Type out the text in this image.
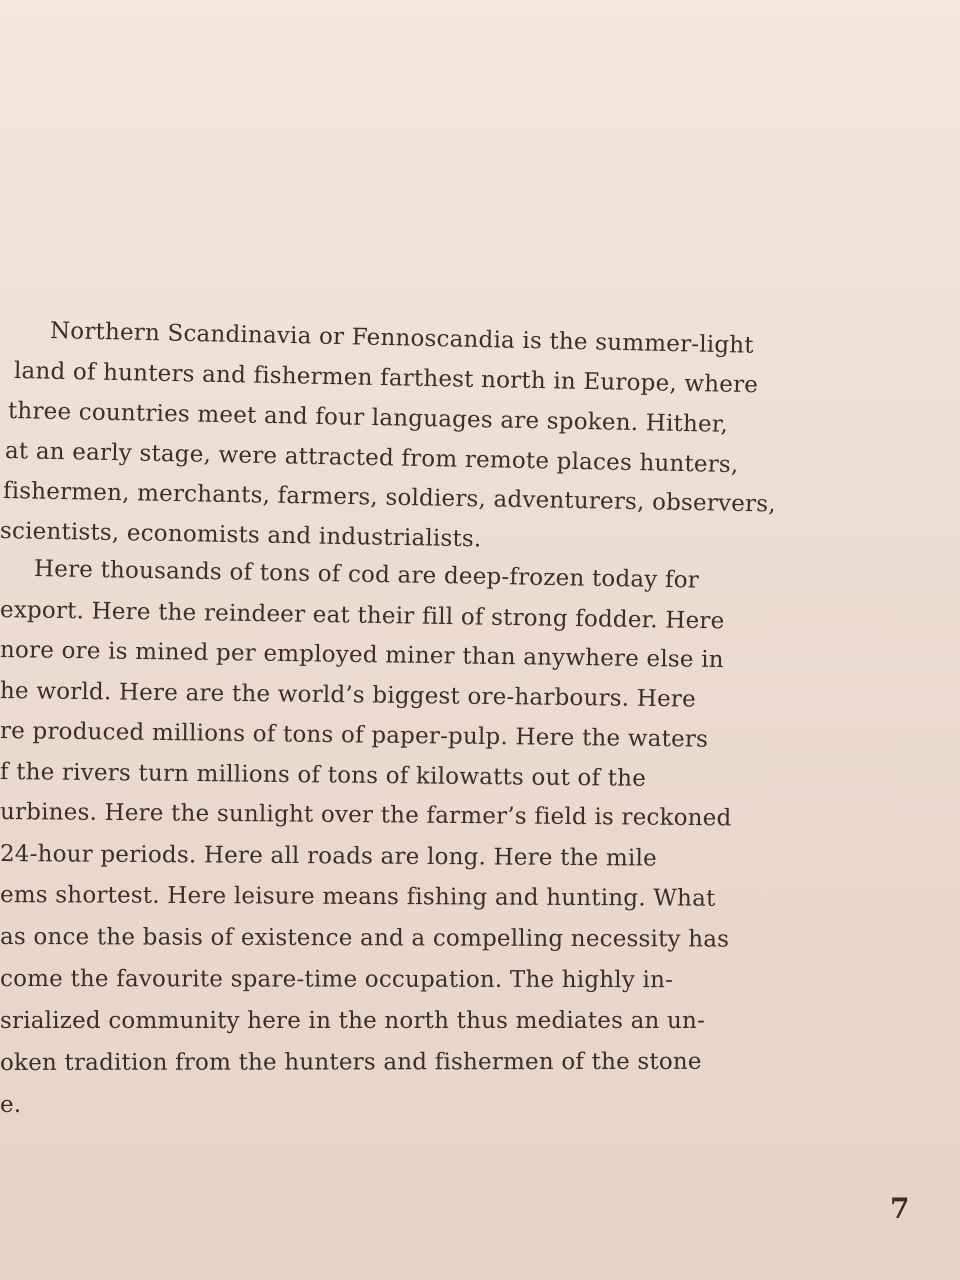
Northern Scandinavia or Fennoscandia is the summer-light
land of hunters and fishermen farthest north in Europe, where
three countries meet and four languages are spoken. Hither,
at an early stage, were attracted from remote places hunters,
fishermen, merchants, farmers, soldiers, adventurers, observers,
scientists, economists and industrialists.
Here thousands of tons of cod are deep-frozen today for
export. Here the reindeer eat their fill of strong fodder. Here
nore ore is mined per employed miner than anywhere else in
he world. Here are the world’s biggest ore-harbours. Here
re produced millions of tons of paper-pulp. Here the waters
f the rivers turn millions of tons of kilowatts out of the
urbines. Here the sunlight over the farmer’s field is reckoned
24-hour periods. Here all roads are long. Here the mile
ems shortest. Here leisure means fishing and hunting. What
as once the basis of existence and a compelling necessity has
come the favourite spare-time occupation. The highly in-
srialized community here in the north thus mediates an un-
oken tradition from the hunters and fishermen of the stone
e.
7
